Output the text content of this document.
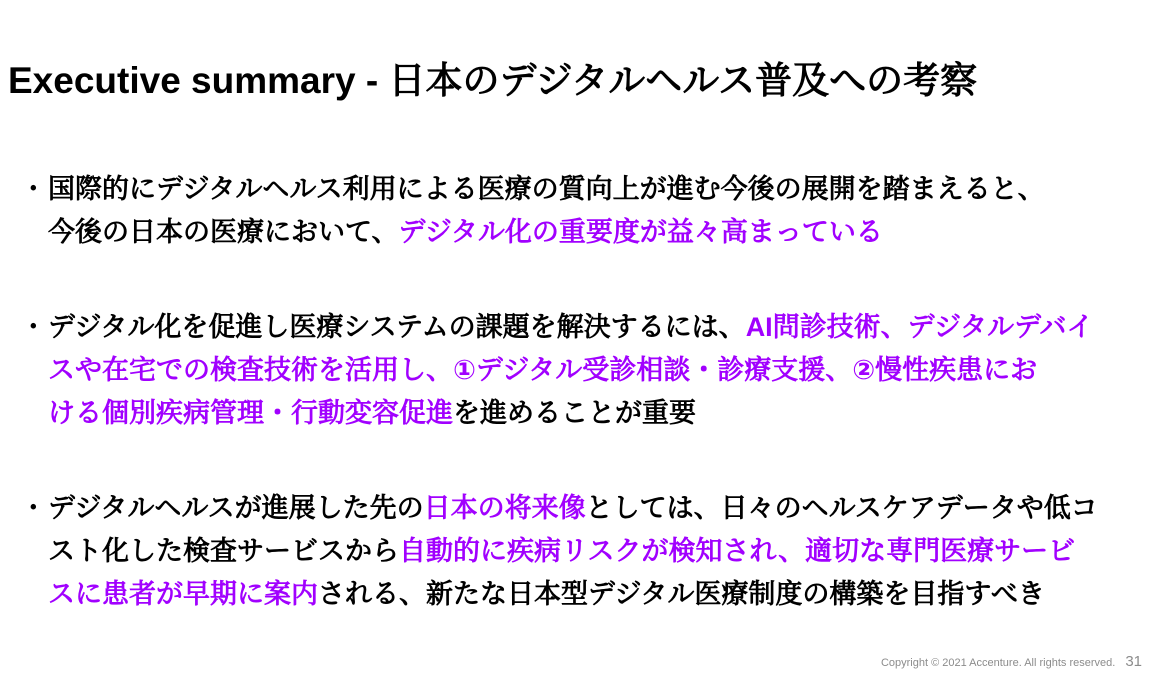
Executive summary - 日本のデジタルヘルス普及への考察
• 国際的にデジタルヘルス利用による医療の質向上が進む今後の展開を踏まえると、
今後の日本の医療において、デジタル化の重要度が益々高まっている
• デジタル化を促進し医療システムの課題を解決するには、AI問診技術、デジタルデバイ
スや在宅での検査技術を活用し、①デジタル受診相談・診療支援、②慢性疾患にお
ける個別疾病管理・行動変容促進を進めることが重要
• デジタルヘルスが進展した先の日本の将来像としては、日々のヘルスケアデータや低コ
スト化した検査サービスから自動的に疾病リスクが検知され、適切な専門医療サービ
スに患者が早期に案内される、新たな日本型デジタル医療制度の構築を目指すべき
Copyright © 2021 Accenture. All rights reserved. 31
